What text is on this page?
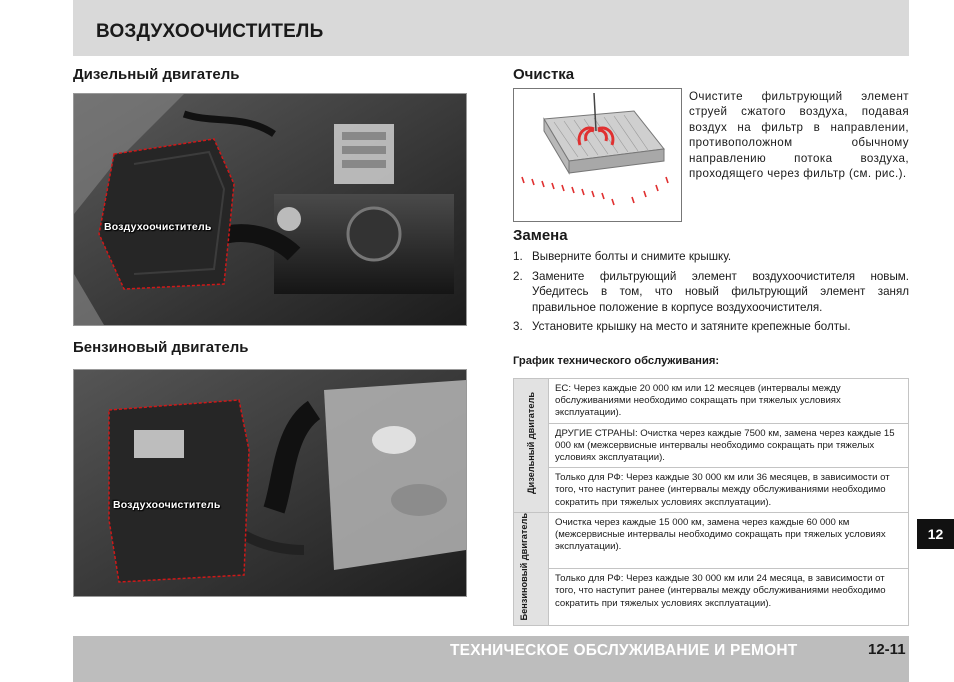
ВОЗДУХООЧИСТИТЕЛЬ
Дизельный двигатель
Воздухоочиститель
Бензиновый двигатель
Воздухоочиститель
Очистка
Очистите фильтрующий элемент струей сжатого воздуха, подавая воздух на фильтр в направлении, противоположном обычному направлению потока воздуха, проходящего через фильтр (см. рис.).
Замена
1. Выверните болты и снимите крышку.
2. Замените фильтрующий элемент воздухоочистителя новым. Убедитесь в том, что новый фильтрующий элемент занял правильное положение в корпусе воздухоочистителя.
3. Установите крышку на место и затяните крепежные болты.
График технического обслуживания:
Дизельный двигатель	ЕС: Через каждые 20 000 км или 12 месяцев (интервалы между обслуживаниями необходимо сокращать при тяжелых условиях эксплуатации).
	ДРУГИЕ СТРАНЫ: Очистка через каждые 7500 км, замена через каждые 15 000 км (межсервисные интервалы необходимо сокращать при тяжелых условиях эксплуатации).
	Только для РФ: Через каждые 30 000 км или 36 месяцев, в зависимости от того, что наступит ранее (интервалы между обслуживаниями необходимо сократить при тяжелых условиях эксплуатации).
Бензиновый двигатель	Очистка через каждые 15 000 км, замена через каждые 60 000 км (межсервисные интервалы необходимо сокращать при тяжелых условиях эксплуатации).
	Только для РФ: Через каждые 30 000 км или 24 месяца, в зависимости от того, что наступит ранее (интервалы между обслуживаниями необходимо сократить при тяжелых условиях эксплуатации).
12
ТЕХНИЧЕСКОЕ ОБСЛУЖИВАНИЕ И РЕМОНТ	12-11
